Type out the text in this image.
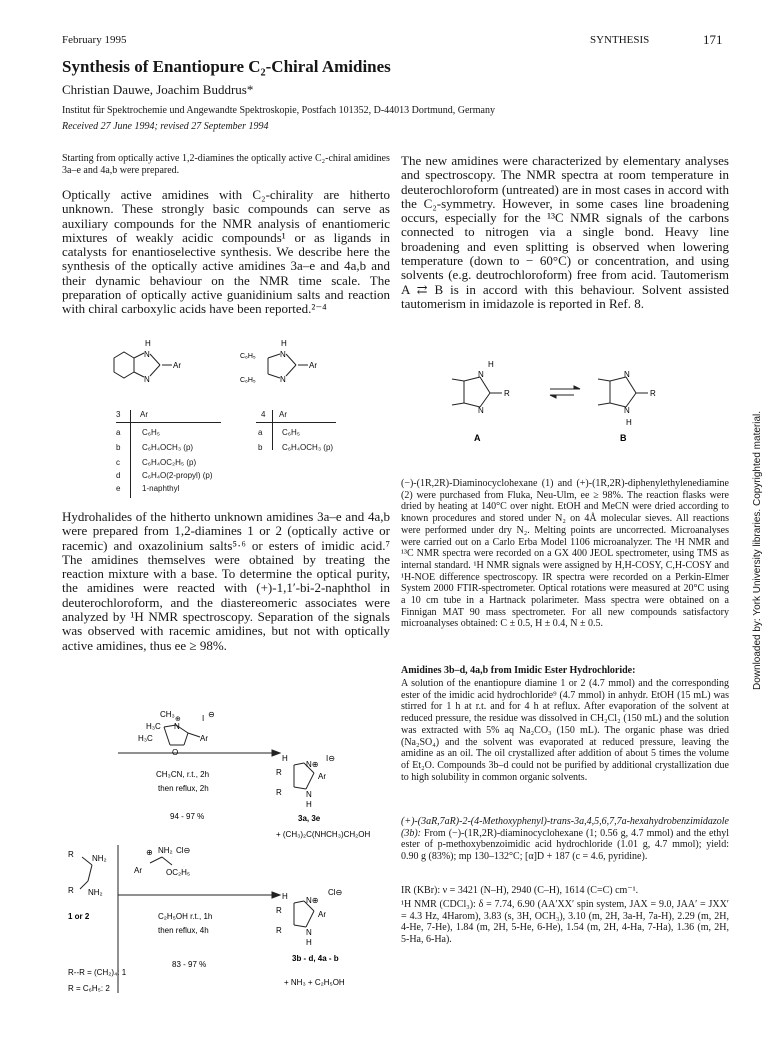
February 1995	SYNTHESIS	171
Synthesis of Enantiopure C₂-Chiral Amidines
Christian Dauwe, Joachim Buddrus*
Institut für Spektrochemie und Angewandte Spektroskopie, Postfach 101352, D-44013 Dortmund, Germany
Received 27 June 1994; revised 27 September 1994
Starting from optically active 1,2-diamines the optically active C₂-chiral amidines 3a–e and 4a,b were prepared.

Optically active amidines with C₂-chirality are hitherto unknown. These strongly basic compounds can serve as auxiliary compounds for the NMR analysis of enantiomeric mixtures of weakly acidic compounds¹ or as ligands in catalysts for enantioselective synthesis. We describe here the synthesis of the optically active amidines 3a–e and 4a,b and their dynamic behaviour on the NMR time scale. The preparation of optically active guanidinium salts and reaction with chiral carboxylic acids have been reported.²⁻⁴

H
N
N
Ar
C₆H₅
C₆H₅
H
N
N
Ar
3 Ar	4 Ar
a	C₆H₅
b	C₆H₄OCH₃ (p)
c	C₆H₄OC₂H₅ (p)
d	C₆H₄O(2-propyl) (p)
e	1-naphthyl
a C₆H₅
b C₆H₄OCH₃ (p)

Hydrohalides of the hitherto unknown amidines 3a–e and 4a,b were prepared from 1,2-diamines 1 or 2 (optically active or racemic) and oxazolinium salts⁵·⁶ or esters of imidic acid.⁷ The amidines themselves were obtained by treating the reaction mixture with a base. To determine the optical purity, the amidines were reacted with (+)-1,1′-bi-2-naphthol in deuterochloroform, and the diastereomeric associates were analyzed by ¹H NMR spectroscopy. Separation of the signals was observed with racemic amidines, but not with optically active amidines, thus ee ≥ 98%.

CH₃
H₃C
H₃C
N
⊕	I ⊖
Ar
O
R NH₂
R NH₂
⊕ NH₂ Cl⊖
Ar	OC₂H₅
H
N⊕
I⊖
R
R
Ar
N
H
H N⊕
Cl⊖
R
R
Ar
N
H
CH₃CN, r.t., 2h
then reflux, 2h
94 - 97 %	3a, 3e
+ (CH₃)₂C(NHCH₃)CH₂OH
C₂H₅OH r.t., 1h
then reflux, 4h
83 - 97 %
1 or 2
3b - d, 4a - b
+ NH₃ + C₂H₅OH
R--R = (CH₂)₄: 1
R = C₆H₅: 2

The new amidines were characterized by elementary analyses and spectroscopy. The NMR spectra at room temperature in deuterochloroform (untreated) are in most cases in accord with the C₂-symmetry. However, in some cases line broadening occurs, especially for the ¹³C NMR signals of the carbons connected to nitrogen via a single bond. Heavy line broadening and even splitting is observed when lowering temperature (down to − 60°C) or concentration, and using solvents (e.g. deutrochloroform) free from acid. Tautomerism A ⇄ B is in accord with this behaviour. Solvent assisted tautomerism in imidazole is reported in Ref. 8.

H
N
N
R
N
N
H
R
A	B

(−)-(1R,2R)-Diaminocyclohexane (1) and (+)-(1R,2R)-diphenylethylenediamine (2) were purchased from Fluka, Neu-Ulm, ee ≥ 98%. The reaction flasks were dried by heating at 140°C over night. EtOH and MeCN were dried according to known procedures and stored under N₂ on 4Å molecular sieves. All reactions were performed under dry N₂. Melting points are uncorrected. Microanalyses were carried out on a Carlo Erba Model 1106 microanalyzer. The ¹H NMR and ¹³C NMR spectra were recorded on a GX 400 JEOL spectrometer, using TMS as internal standard. ¹H NMR signals were assigned by H,H-COSY, C,H-COSY and ¹H-NOE difference spectroscopy. IR spectra were recorded on a Perkin-Elmer System 2000 FTIR-spectrometer. Optical rotations were measured at 20°C using a 10 cm tube in a Hartnack polarimeter. Mass spectra were obtained on a Finnigan MAT 90 mass spectrometer. For all new compounds satisfactory microanalyses obtained: C ± 0.5, H ± 0.4, N ± 0.5.

Amidines 3b–d, 4a,b from Imidic Ester Hydrochloride:

A solution of the enantiopure diamine 1 or 2 (4.7 mmol) and the corresponding ester of the imidic acid hydrochloride⁹ (4.7 mmol) in anhydr. EtOH (15 mL) was stirred for 1 h at r.t. and for 4 h at reflux. After evaporation of the solvent at reduced pressure, the residue was dissolved in CH₂Cl₂ (150 mL) and the solution was extracted with 5% aq Na₂CO₃ (150 mL). The organic phase was dried (Na₂SO₄) and the solvent was evaporated at reduced pressure, leaving the amidine as an oil. The oil crystallized after addition of about 5 times the volume of Et₂O. Compounds 3b–d could not be purified by additional crystallization due to high solubility in common organic solvents.

(+)-(3aR,7aR)-2-(4-Methoxyphenyl)-trans-3a,4,5,6,7,7a-hexahydrobenzimidazole (3b): From (−)-(1R,2R)-diaminocyclohexane (1; 0.56 g, 4.7 mmol) and the ethyl ester of p-methoxybenzoimidic acid hydrochloride (1.01 g, 4.7 mmol); yield: 0.90 g (83%); mp 130–132°C; [α]D + 187 (c = 4.6, pyridine).

IR (KBr): ν = 3421 (N–H), 2940 (C–H), 1614 (C=C) cm⁻¹.

¹H NMR (CDCl₃): δ = 7.74, 6.90 (AA′XX′ spin system, JAX = 9.0, JAA′ = JXX′ = 4.3 Hz, 4Harom), 3.83 (s, 3H, OCH₃), 3.10 (m, 2H, 3a-H, 7a-H), 2.29 (m, 2H, 4-He, 7-He), 1.84 (m, 2H, 5-He, 6-He), 1.54 (m, 2H, 4-Ha, 7-Ha), 1.36 (m, 2H, 5-Ha, 6-Ha).

Downloaded by: York University libraries. Copyrighted material.
